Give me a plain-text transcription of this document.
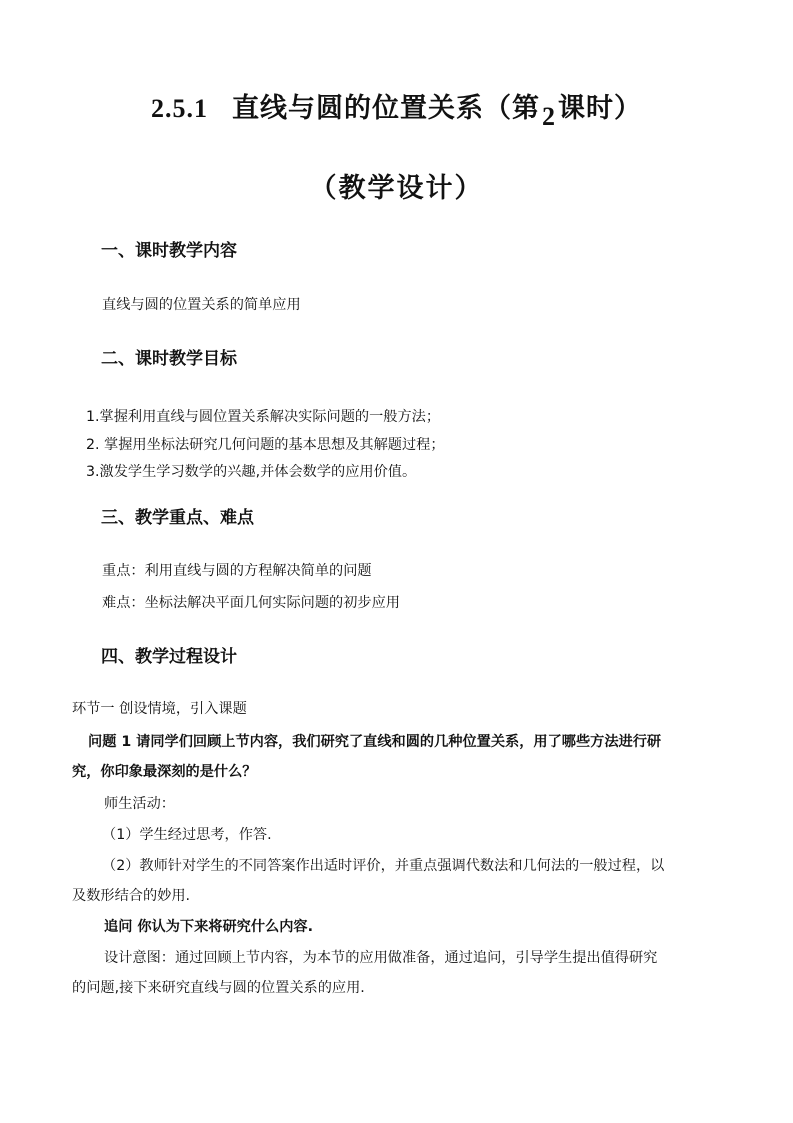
2.5.1 直线与圆的位置关系（第2课时）
（教学设计）
一、课时教学内容
直线与圆的位置关系的简单应用
二、课时教学目标
1.掌握利用直线与圆位置关系解决实际问题的一般方法；
2. 掌握用坐标法研究几何问题的基本思想及其解题过程；
3.激发学生学习数学的兴趣,并体会数学的应用价值。
三、教学重点、难点
重点：利用直线与圆的方程解决简单的问题
难点：坐标法解决平面几何实际问题的初步应用
四、教学过程设计
环节一 创设情境，引入课题
问题 1 请同学们回顾上节内容，我们研究了直线和圆的几种位置关系，用了哪些方法进行研
究，你印象最深刻的是什么？
师生活动：
（1）学生经过思考，作答.
（2）教师针对学生的不同答案作出适时评价，并重点强调代数法和几何法的一般过程，以
及数形结合的妙用.
追问 你认为下来将研究什么内容.
设计意图：通过回顾上节内容，为本节的应用做准备，通过追问，引导学生提出值得研究
的问题,接下来研究直线与圆的位置关系的应用.
